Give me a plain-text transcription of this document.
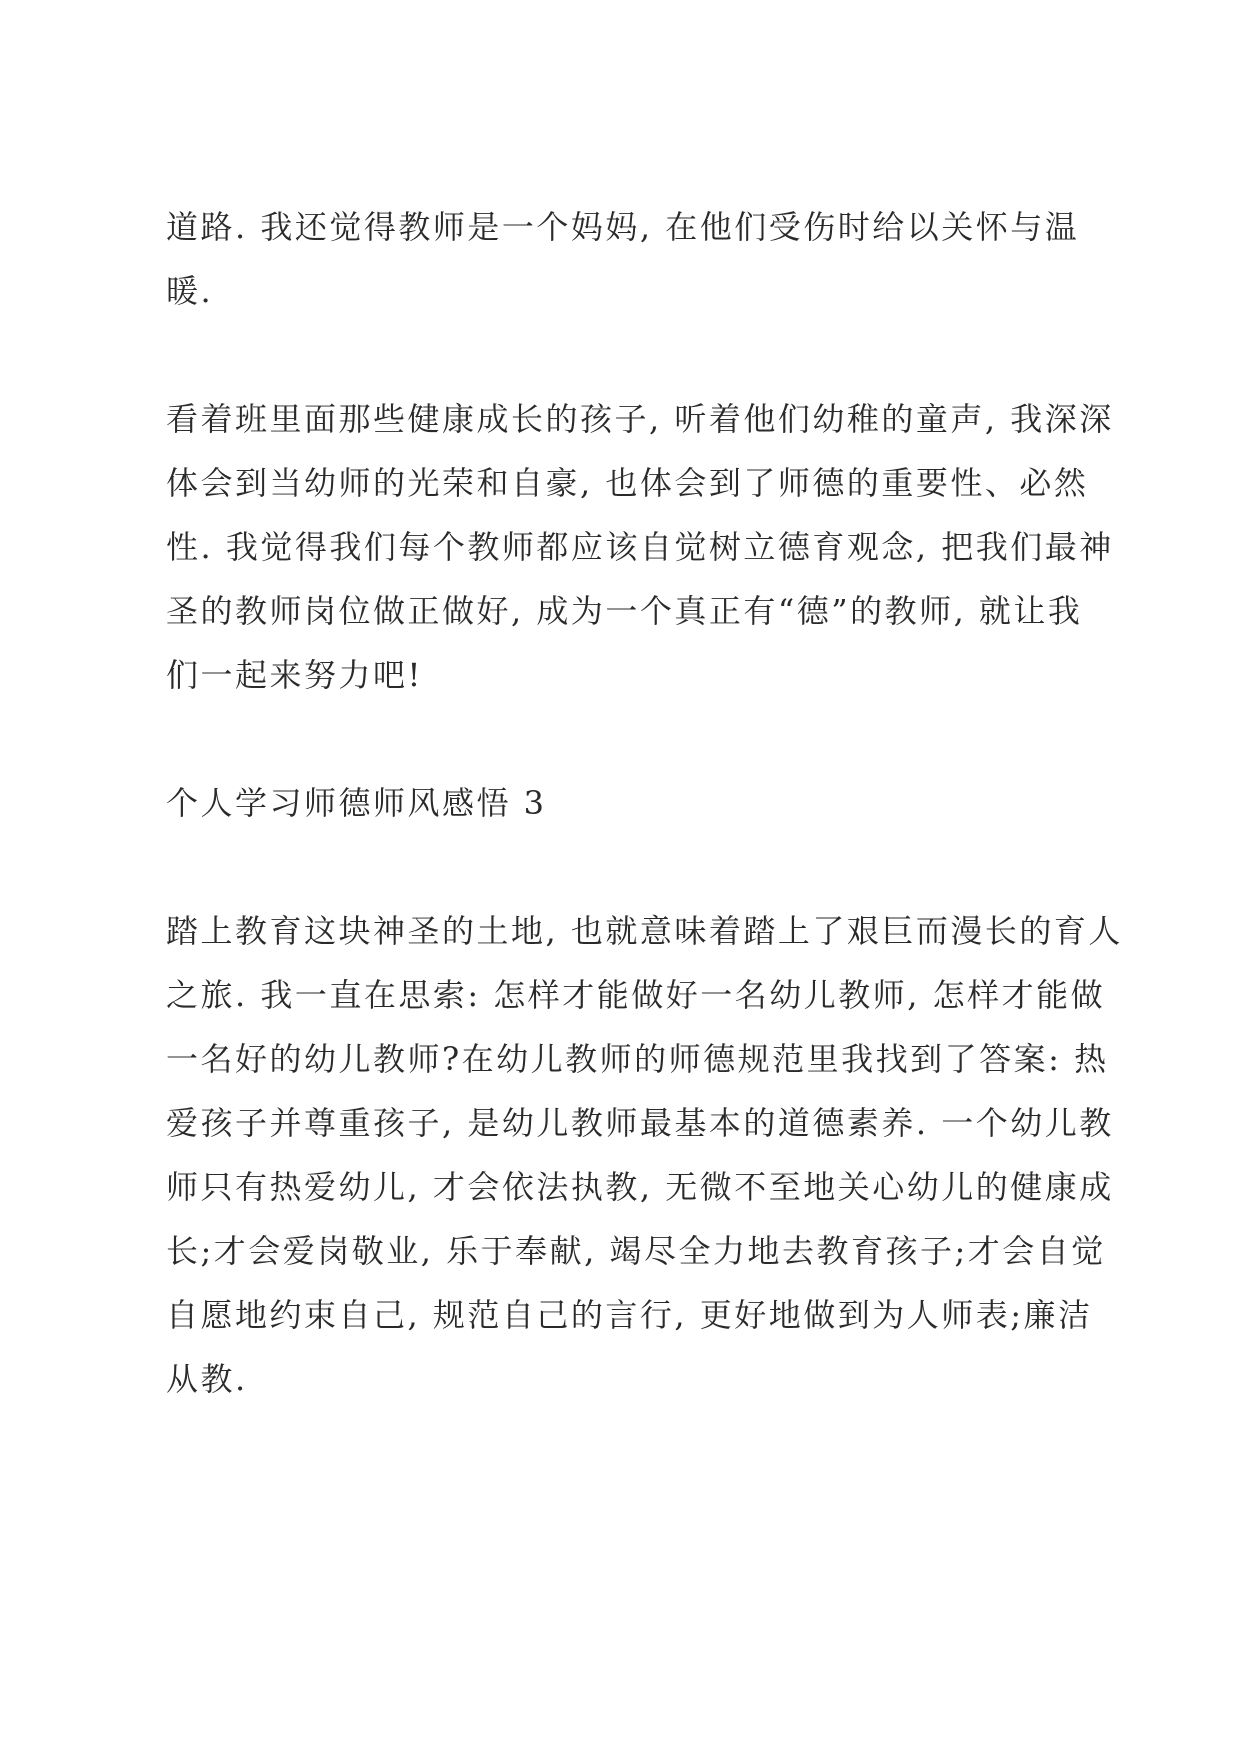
道路. 我还觉得教师是一个妈妈, 在他们受伤时给以关怀与温
暖.
看着班里面那些健康成长的孩子, 听着他们幼稚的童声, 我深深
体会到当幼师的光荣和自豪, 也体会到了师德的重要性、必然
性. 我觉得我们每个教师都应该自觉树立德育观念, 把我们最神
圣的教师岗位做正做好, 成为一个真正有“德”的教师, 就让我
们一起来努力吧!
个人学习师德师风感悟 3
踏上教育这块神圣的土地, 也就意味着踏上了艰巨而漫长的育人
之旅. 我一直在思索: 怎样才能做好一名幼儿教师, 怎样才能做
一名好的幼儿教师?在幼儿教师的师德规范里我找到了答案: 热
爱孩子并尊重孩子, 是幼儿教师最基本的道德素养. 一个幼儿教
师只有热爱幼儿, 才会依法执教, 无微不至地关心幼儿的健康成
长;才会爱岗敬业, 乐于奉献, 竭尽全力地去教育孩子;才会自觉
自愿地约束自己, 规范自己的言行, 更好地做到为人师表;廉洁
从教.
